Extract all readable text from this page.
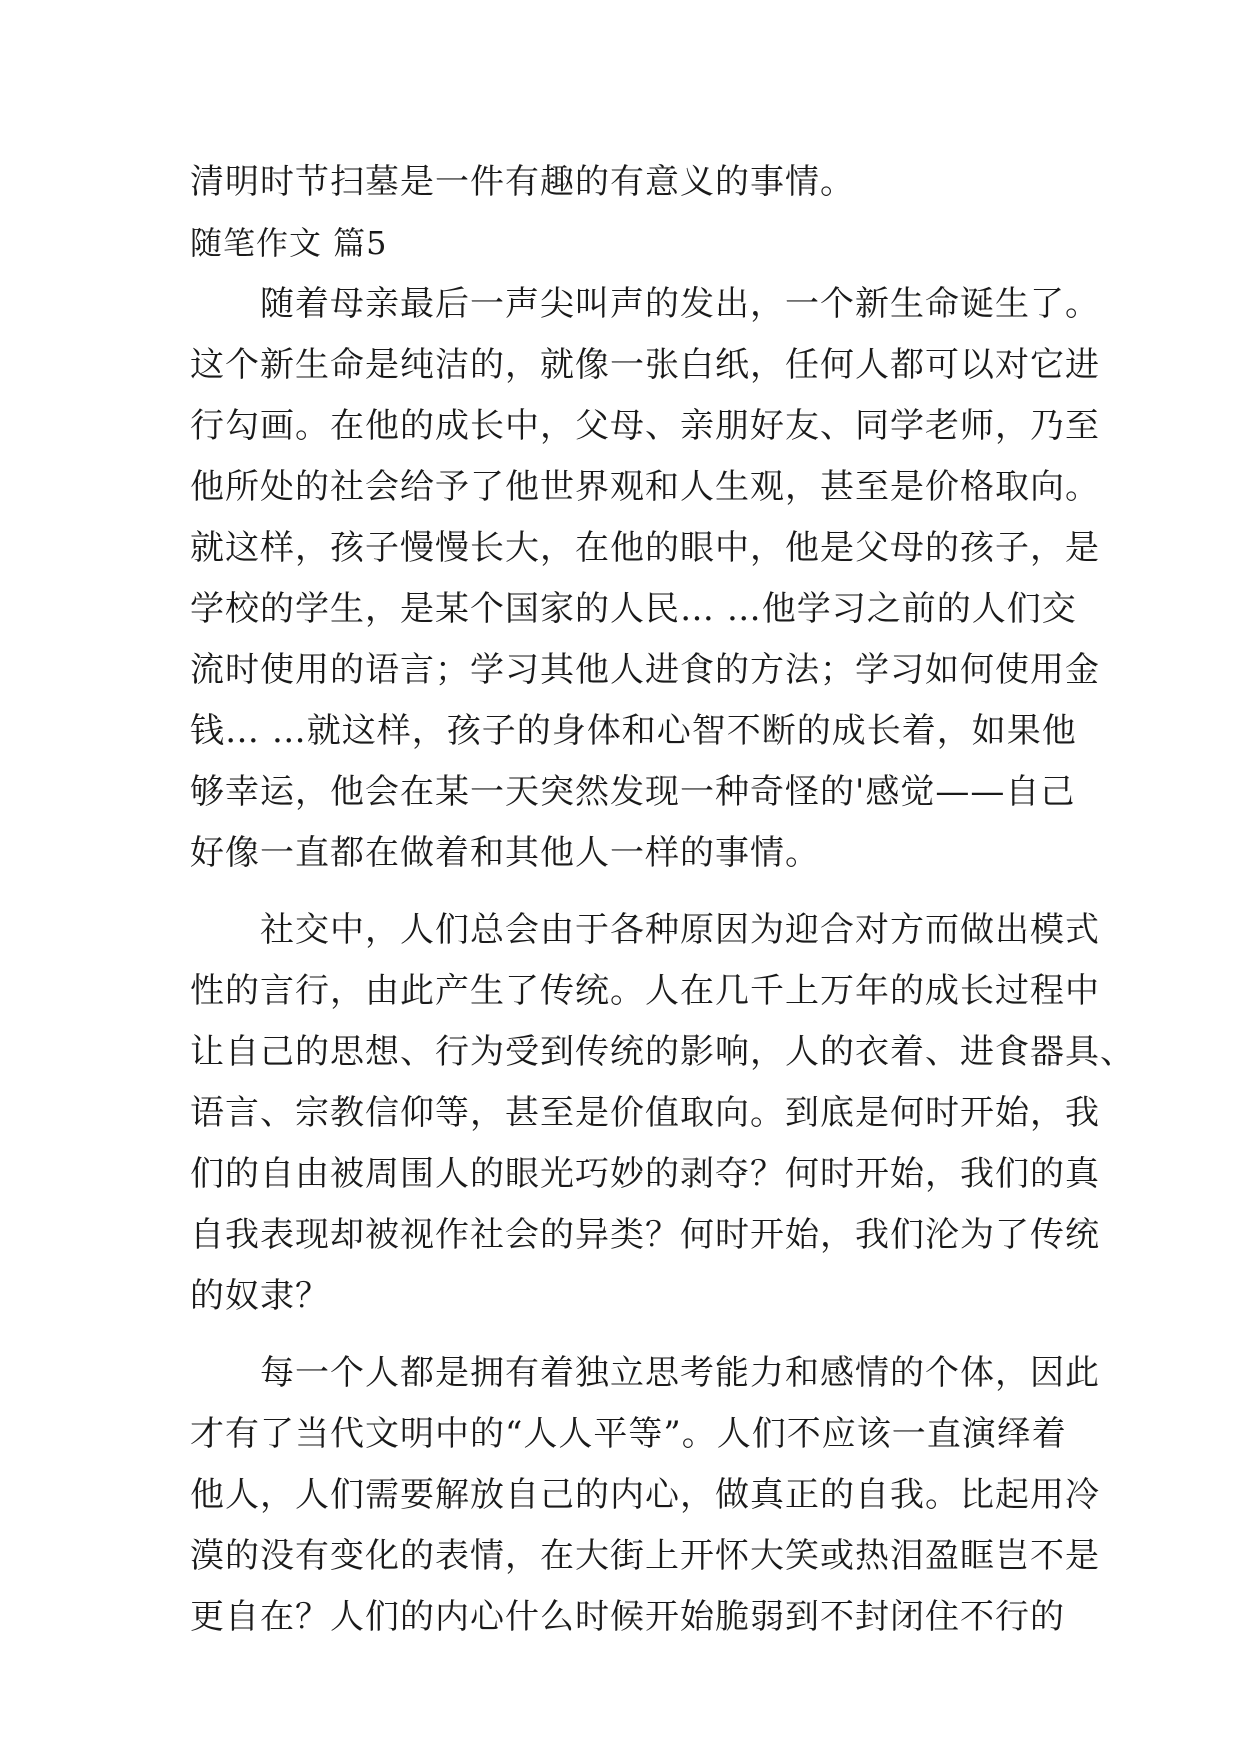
清明时节扫墓是一件有趣的有意义的事情。
随笔作文 篇5
　　随着母亲最后一声尖叫声的发出，一个新生命诞生了。
这个新生命是纯洁的，就像一张白纸，任何人都可以对它进
行勾画。在他的成长中，父母、亲朋好友、同学老师，乃至
他所处的社会给予了他世界观和人生观，甚至是价格取向。
就这样，孩子慢慢长大，在他的眼中，他是父母的孩子，是
学校的学生，是某个国家的人民… …他学习之前的人们交
流时使用的语言；学习其他人进食的方法；学习如何使用金
钱… …就这样，孩子的身体和心智不断的成长着，如果他
够幸运，他会在某一天突然发现一种奇怪的'感觉——自己
好像一直都在做着和其他人一样的事情。
　　社交中，人们总会由于各种原因为迎合对方而做出模式
性的言行，由此产生了传统。人在几千上万年的成长过程中
让自己的思想、行为受到传统的影响，人的衣着、进食器具、
语言、宗教信仰等，甚至是价值取向。到底是何时开始，我
们的自由被周围人的眼光巧妙的剥夺？何时开始，我们的真
自我表现却被视作社会的异类？何时开始，我们沦为了传统
的奴隶？
　　每一个人都是拥有着独立思考能力和感情的个体，因此
才有了当代文明中的“人人平等”。人们不应该一直演绎着
他人，人们需要解放自己的内心，做真正的自我。比起用冷
漠的没有变化的表情，在大街上开怀大笑或热泪盈眶岂不是
更自在？人们的内心什么时候开始脆弱到不封闭住不行的
